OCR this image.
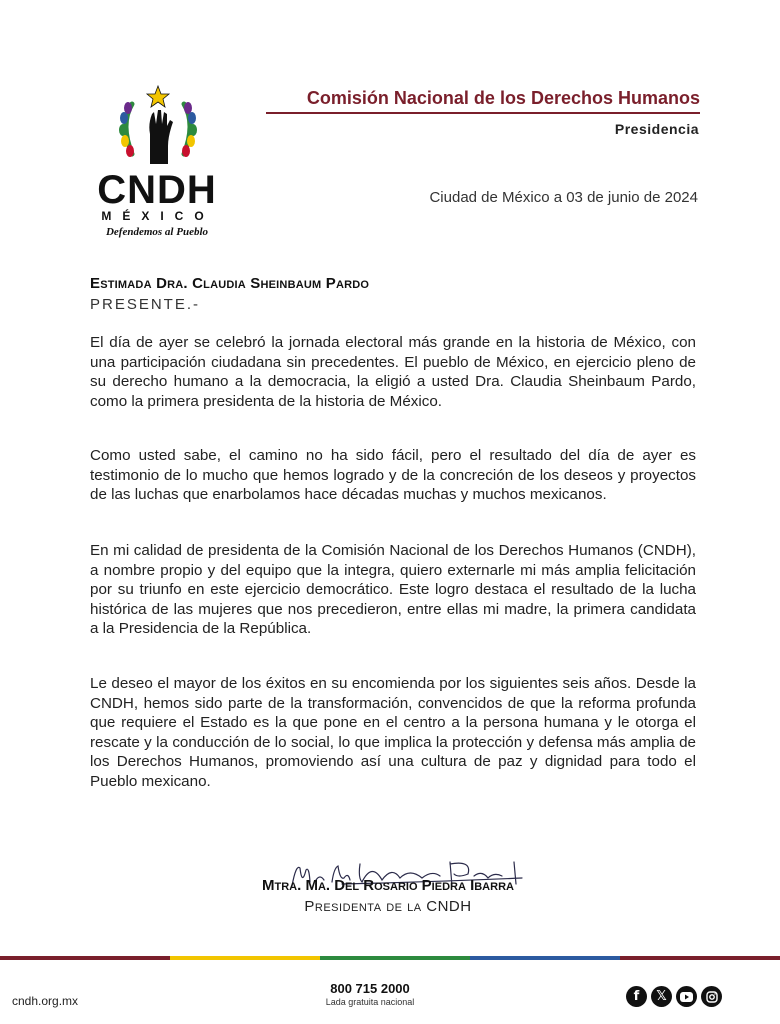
CNDH
MÉXICO
Defendemos al Pueblo
Comisión Nacional de los Derechos Humanos
Presidencia
Ciudad de México a 03 de junio de 2024
Estimada Dra. Claudia Sheinbaum Pardo
PRESENTE.-

El día de ayer se celebró la jornada electoral más grande en la historia de México, con una participación ciudadana sin precedentes. El pueblo de México, en ejercicio pleno de su derecho humano a la democracia, la eligió a usted Dra. Claudia Sheinbaum Pardo, como la primera presidenta de la historia de México.

Como usted sabe, el camino no ha sido fácil, pero el resultado del día de ayer es testimonio de lo mucho que hemos logrado y de la concreción de los deseos y proyectos de las luchas que enarbolamos hace décadas muchas y muchos mexicanos.

En mi calidad de presidenta de la Comisión Nacional de los Derechos Humanos (CNDH), a nombre propio y del equipo que la integra, quiero externarle mi más amplia felicitación por su triunfo en este ejercicio democrático. Este logro destaca el resultado de la lucha histórica de las mujeres que nos precedieron, entre ellas mi madre, la primera candidata a la Presidencia de la República.

Le deseo el mayor de los éxitos en su encomienda por los siguientes seis años. Desde la CNDH, hemos sido parte de la transformación, convencidos de que la reforma profunda que requiere el Estado es la que pone en el centro a la persona humana y le otorga el rescate y la conducción de lo social, lo que implica la protección y defensa más amplia de los Derechos Humanos, promoviendo así una cultura de paz y dignidad para todo el Pueblo mexicano.

Mtra. Ma. Del Rosario Piedra Ibarra
Presidenta de la CNDH
cndh.org.mx
800 715 2000
Lada gratuita nacional	f	𝕏
